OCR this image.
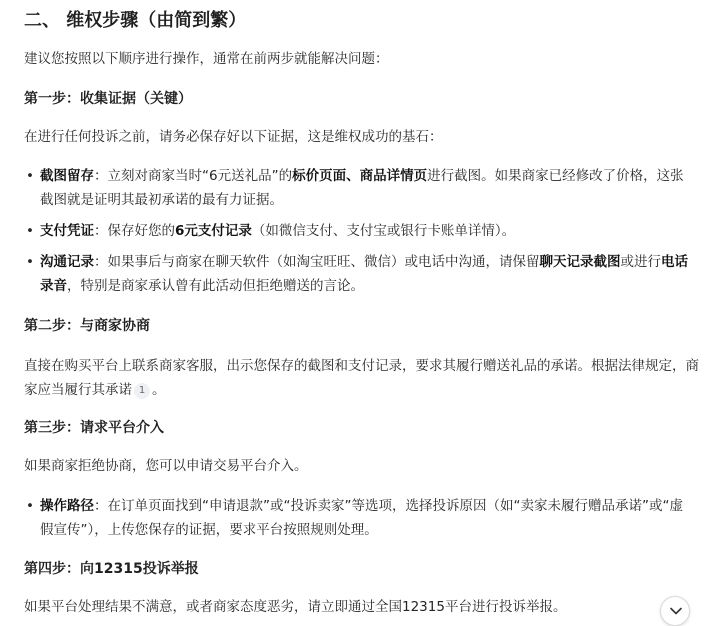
二、 维权步骤（由简到繁）
建议您按照以下顺序进行操作，通常在前两步就能解决问题：
第一步：收集证据（关键）
在进行任何投诉之前，请务必保存好以下证据，这是维权成功的基石：
• 截图留存：立刻对商家当时“6元送礼品”的标价页面、商品详情页进行截图。如果商家已经修改了价格，这张截图就是证明其最初承诺的最有力证据。
• 支付凭证：保存好您的6元支付记录（如微信支付、支付宝或银行卡账单详情）。
• 沟通记录：如果事后与商家在聊天软件（如淘宝旺旺、微信）或电话中沟通，请保留聊天记录截图或进行电话录音，特别是商家承认曾有此活动但拒绝赠送的言论。
第二步：与商家协商
直接在购买平台上联系商家客服，出示您保存的截图和支付记录，要求其履行赠送礼品的承诺。根据法律规定，商家应当履行其承诺 1 。
第三步：请求平台介入
如果商家拒绝协商，您可以申请交易平台介入。
• 操作路径：在订单页面找到“申请退款”或“投诉卖家”等选项，选择投诉原因（如“卖家未履行赠品承诺”或“虚假宣传”），上传您保存的证据，要求平台按照规则处理。
第四步：向12315投诉举报
如果平台处理结果不满意，或者商家态度恶劣，请立即通过全国12315平台进行投诉举报。
